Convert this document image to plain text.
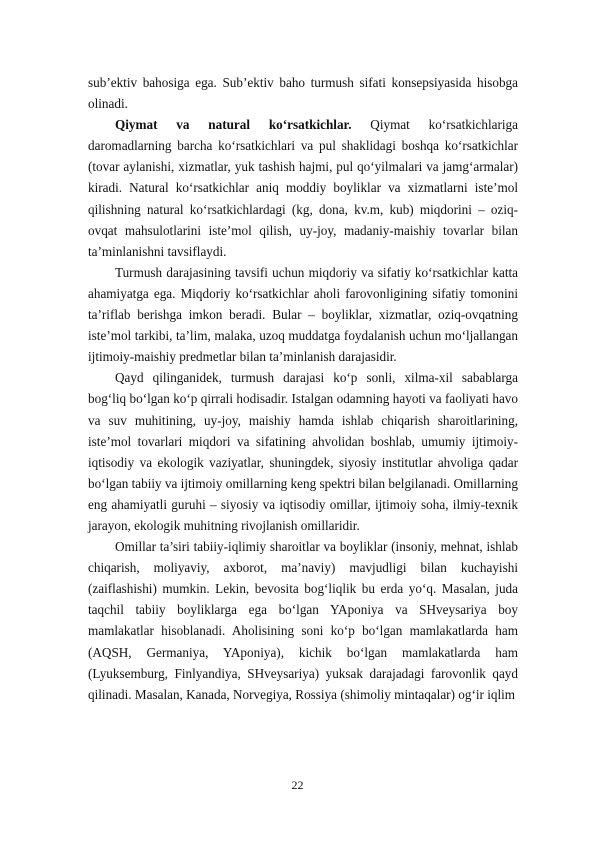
sub’ektiv bahosiga ega. Sub’ektiv baho turmush sifati konsepsiyasida hisobga olinadi.

Qiymat va natural ko‘rsatkichlar. Qiymat ko‘rsatkichlariga daromadlarning barcha ko‘rsatkichlari va pul shaklidagi boshqa ko‘rsatkichlar (tovar aylanishi, xizmatlar, yuk tashish hajmi, pul qo‘yilmalari va jamg‘armalar) kiradi. Natural ko‘rsatkichlar aniq moddiy boyliklar va xizmatlarni iste’mol qilishning natural ko‘rsatkichlardagi (kg, dona, kv.m, kub) miqdorini – oziq-ovqat mahsulotlarini iste’mol qilish, uy-joy, madaniy-maishiy tovarlar bilan ta’minlanishni tavsiflaydi.

Turmush darajasining tavsifi uchun miqdoriy va sifatiy ko‘rsatkichlar katta ahamiyatga ega. Miqdoriy ko‘rsatkichlar aholi farovonligining sifatiy tomonini ta’riflab berishga imkon beradi. Bular – boyliklar, xizmatlar, oziq-ovqatning iste’mol tarkibi, ta’lim, malaka, uzoq muddatga foydalanish uchun mo‘ljallangan ijtimoiy-maishiy predmetlar bilan ta’minlanish darajasidir.

Qayd qilinganidek, turmush darajasi ko‘p sonli, xilma-xil sabablarga bog‘liq bo‘lgan ko‘p qirrali hodisadir. Istalgan odamning hayoti va faoliyati havo va suv muhitining, uy-joy, maishiy hamda ishlab chiqarish sharoitlarining, iste’mol tovarlari miqdori va sifatining ahvolidan boshlab, umumiy ijtimoiy-iqtisodiy va ekologik vaziyatlar, shuningdek, siyosiy institutlar ahvoliga qadar bo‘lgan tabiiy va ijtimoiy omillarning keng spektri bilan belgilanadi. Omillarning eng ahamiyatli guruhi – siyosiy va iqtisodiy omillar, ijtimoiy soha, ilmiy-texnik jarayon, ekologik muhitning rivojlanish omillaridir.

Omillar ta’siri tabiiy-iqlimiy sharoitlar va boyliklar (insoniy, mehnat, ishlab chiqarish, moliyaviy, axborot, ma’naviy) mavjudligi bilan kuchayishi (zaiflashishi) mumkin. Lekin, bevosita bog‘liqlik bu erda yo‘q. Masalan, juda taqchil tabiiy boyliklarga ega bo‘lgan YAponiya va SHveysariya boy mamlakatlar hisoblanadi. Aholisining soni ko‘p bo‘lgan mamlakatlarda ham (AQSH, Germaniya, YAponiya), kichik bo‘lgan mamlakatlarda ham (Lyuksemburg, Finlyandiya, SHveysariya) yuksak darajadagi farovonlik qayd qilinadi. Masalan, Kanada, Norvegiya, Rossiya (shimoliy mintaqalar) og‘ir iqlim

22
